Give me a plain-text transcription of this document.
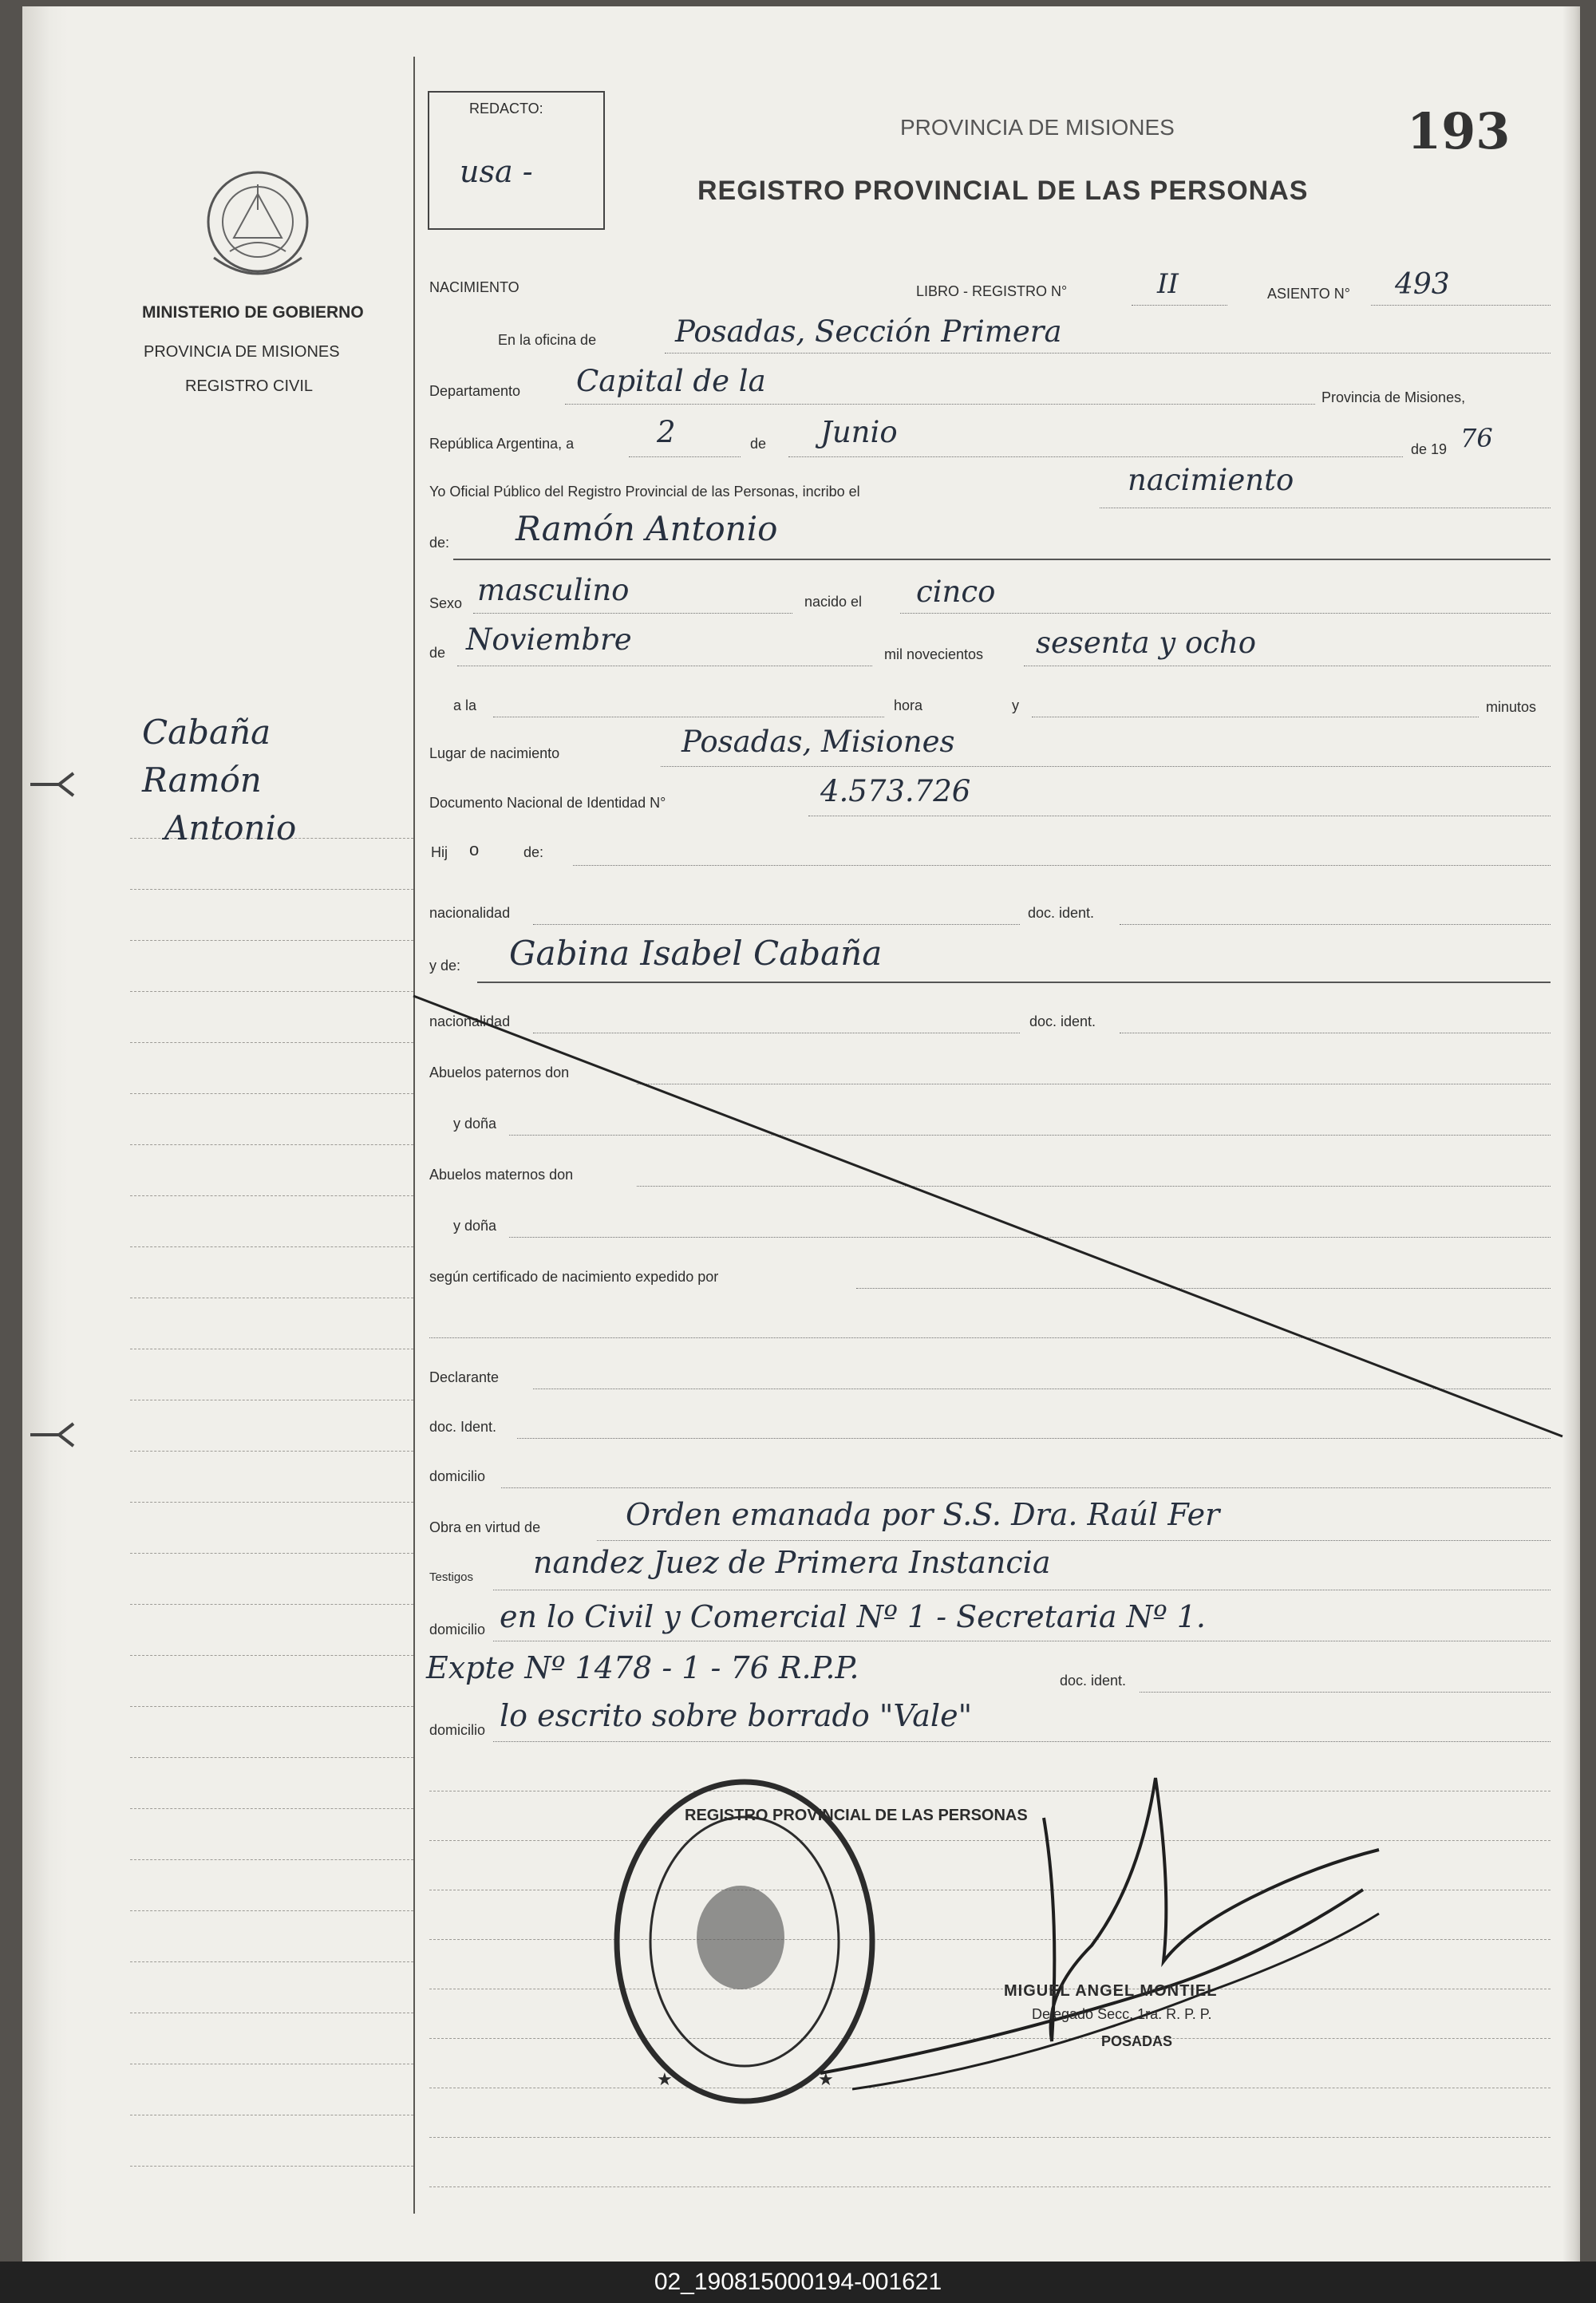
MINISTERIO DE GOBIERNO
PROVINCIA DE MISIONES
REGISTRO CIVIL
Cabaña
Ramón
Antonio
REDACTO:
usa -
PROVINCIA DE MISIONES
REGISTRO PROVINCIAL DE LAS PERSONAS
193
NACIMIENTO	LIBRO - REGISTRO N°	II	ASIENTO N° 493
En la oficina de	Posadas, Sección Primera
Departamento Capital de la	Provincia de Misiones,
República Argentina, a	2	de Junio	de 19 76
Yo Oficial Público del Registro Provincial de las Personas, incribo el	nacimiento
de: Ramón Antonio
Sexo masculino	nacido el cinco
de Noviembre	mil novecientos sesenta y ocho
a la	hora	y	minutos
Lugar de nacimiento	Posadas, Misiones
Documento Nacional de Identidad N°	4.573.726
Hij o	de:
nacionalidad	doc. ident.
y de: Gabina Isabel Cabaña
nacionalidad	doc. ident.
Abuelos paternos don
y doña
Abuelos maternos don
y doña
según certificado de nacimiento expedido por
Declarante
doc. Ident.
domicilio
Obra en virtud de	Orden emanada por S.S. Dra. Raúl Fer
Testigos nandez Juez de Primera Instancia
domicilio en lo Civil y Comercial Nº 1 - Secretaria Nº 1.
Expte Nº 1478 - 1 - 76 R.P.P.	doc. ident.
domicilio lo escrito sobre borrado "Vale"
★	★
REGISTRO PROVINCIAL DE LAS PERSONAS
MIGUEL ANGEL MONTIEL
Delegado Secc. 1ra. R. P. P.
POSADAS
02_190815000194-001621
